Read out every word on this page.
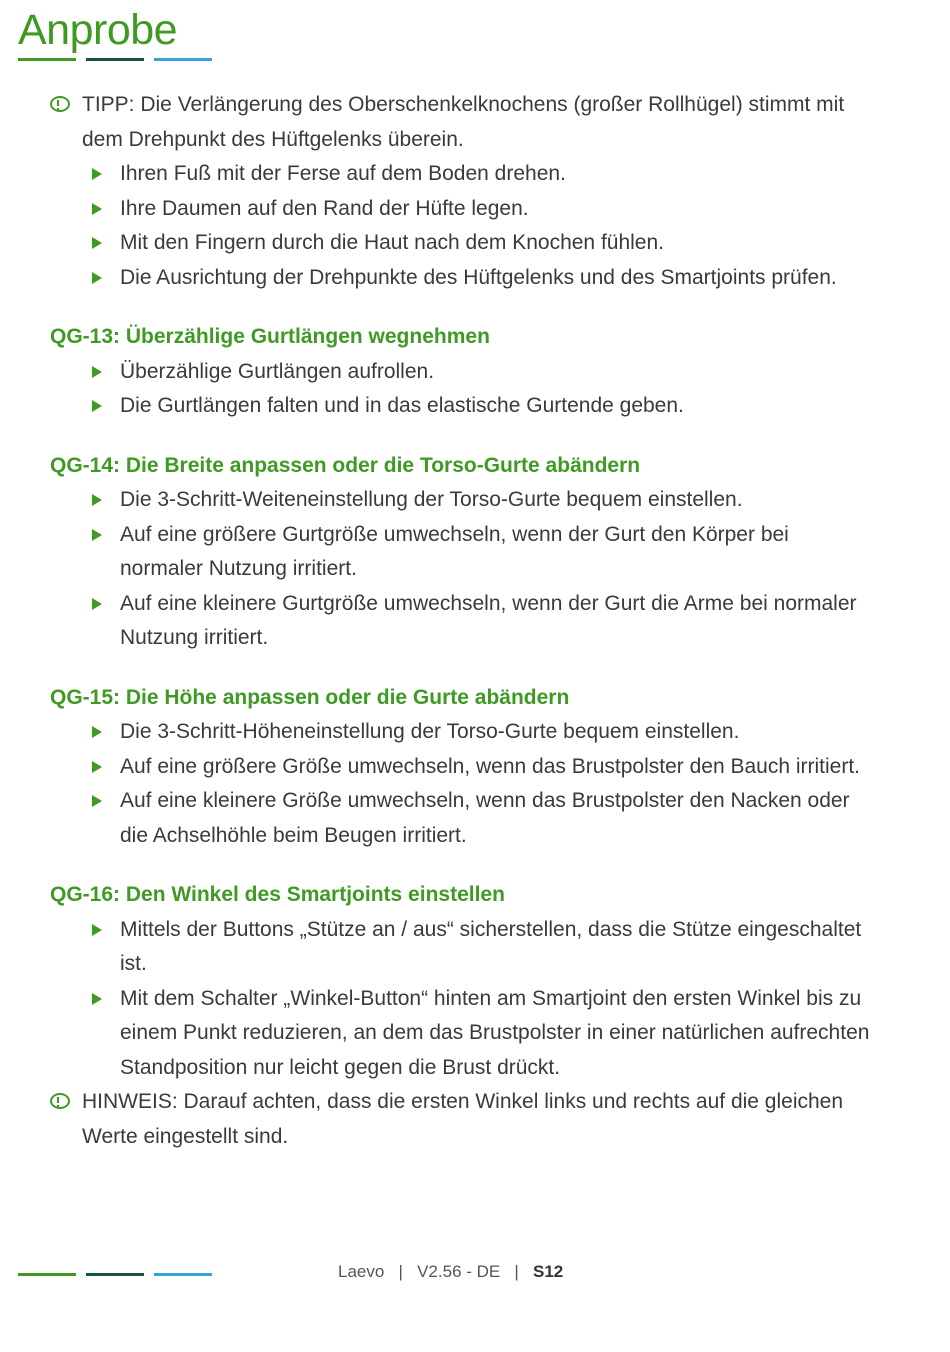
Anprobe
TIPP: Die Verlängerung des Oberschenkelknochens (großer Rollhügel) stimmt mit dem Drehpunkt des Hüftgelenks überein.
Ihren Fuß mit der Ferse auf dem Boden drehen.
Ihre Daumen auf den Rand der Hüfte legen.
Mit den Fingern durch die Haut nach dem Knochen fühlen.
Die Ausrichtung der Drehpunkte des Hüftgelenks und des Smartjoints prüfen.
QG-13: Überzählige Gurtlängen wegnehmen
Überzählige Gurtlängen aufrollen.
Die Gurtlängen falten und in das elastische Gurtende geben.
QG-14: Die Breite anpassen oder die Torso-Gurte abändern
Die 3-Schritt-Weiteneinstellung der Torso-Gurte bequem einstellen.
Auf eine größere Gurtgröße umwechseln, wenn der Gurt den Körper bei normaler Nutzung irritiert.
Auf eine kleinere Gurtgröße umwechseln, wenn der Gurt die Arme bei normaler Nutzung irritiert.
QG-15: Die Höhe anpassen oder die Gurte abändern
Die 3-Schritt-Höheneinstellung der Torso-Gurte bequem einstellen.
Auf eine größere Größe umwechseln, wenn das Brustpolster den Bauch irritiert.
Auf eine kleinere Größe umwechseln, wenn das Brustpolster den Nacken oder die Achselhöhle beim Beugen irritiert.
QG-16: Den Winkel des Smartjoints einstellen
Mittels der Buttons „Stütze an / aus“ sicherstellen, dass die Stütze eingeschaltet ist.
Mit dem Schalter „Winkel-Button“ hinten am Smartjoint den ersten Winkel bis zu einem Punkt reduzieren, an dem das Brustpolster in einer natürlichen aufrechten Standposition nur leicht gegen die Brust drückt.
HINWEIS: Darauf achten, dass die ersten Winkel links und rechts auf die gleichen Werte eingestellt sind.
Laevo | V2.56 - DE | S12
